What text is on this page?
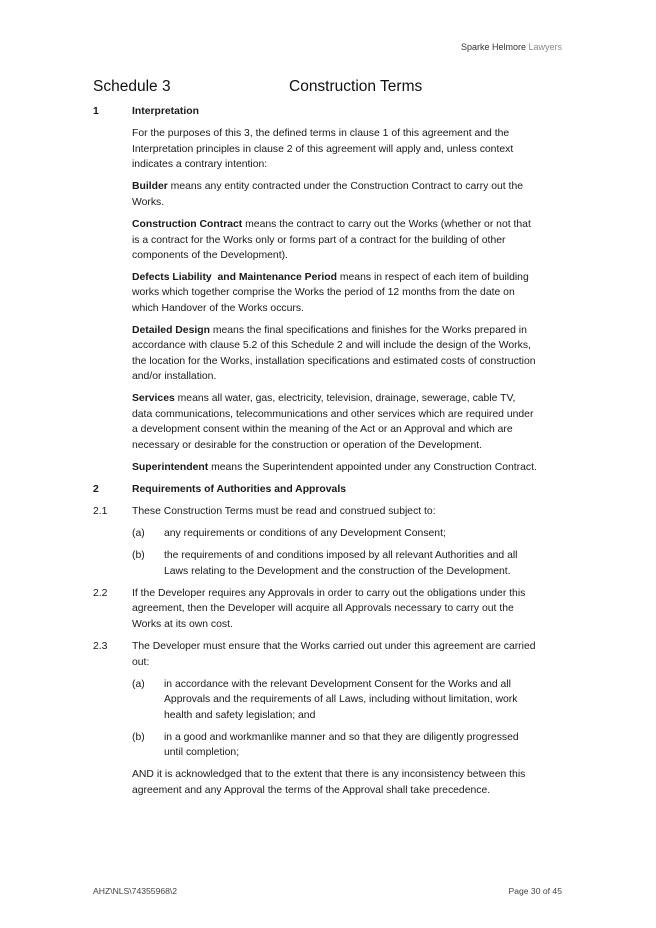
Sparke Helmore Lawyers
Schedule 3	Construction Terms
1	Interpretation
For the purposes of this 3, the defined terms in clause 1 of this agreement and the
Interpretation principles in clause 2 of this agreement will apply and, unless context
indicates a contrary intention:
Builder means any entity contracted under the Construction Contract to carry out the
Works.
Construction Contract means the contract to carry out the Works (whether or not that
is a contract for the Works only or forms part of a contract for the building of other
components of the Development).
Defects Liability  and Maintenance Period means in respect of each item of building
works which together comprise the Works the period of 12 months from the date on
which Handover of the Works occurs.
Detailed Design means the final specifications and finishes for the Works prepared in
accordance with clause 5.2 of this Schedule 2 and will include the design of the Works,
the location for the Works, installation specifications and estimated costs of construction
and/or installation.
Services means all water, gas, electricity, television, drainage, sewerage, cable TV,
data communications, telecommunications and other services which are required under
a development consent within the meaning of the Act or an Approval and which are
necessary or desirable for the construction or operation of the Development.
Superintendent means the Superintendent appointed under any Construction Contract.
2	Requirements of Authorities and Approvals
2.1 These Construction Terms must be read and construed subject to:
(a) any requirements or conditions of any Development Consent;
(b) the requirements of and conditions imposed by all relevant Authorities and all
Laws relating to the Development and the construction of the Development.
2.2 If the Developer requires any Approvals in order to carry out the obligations under this
agreement, then the Developer will acquire all Approvals necessary to carry out the
Works at its own cost.
2.3 The Developer must ensure that the Works carried out under this agreement are carried
out:
(a) in accordance with the relevant Development Consent for the Works and all
Approvals and the requirements of all Laws, including without limitation, work
health and safety legislation; and
(b) in a good and workmanlike manner and so that they are diligently progressed
until completion;
AND it is acknowledged that to the extent that there is any inconsistency between this
agreement and any Approval the terms of the Approval shall take precedence.
AHZ\NLS\74355968\2	Page 30 of 45
